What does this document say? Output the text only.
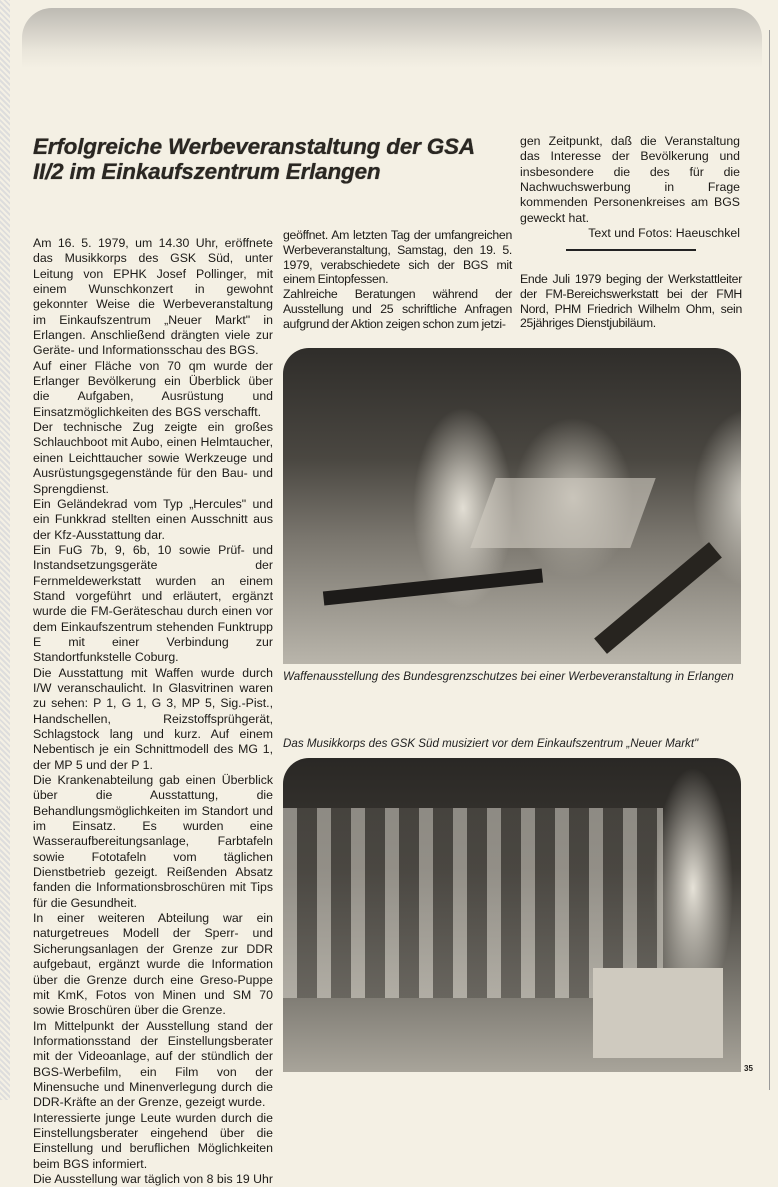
Erfolgreiche Werbeveranstaltung der GSA II/2 im Einkaufszentrum Erlangen

Am 16. 5. 1979, um 14.30 Uhr, eröffnete das Musikkorps des GSK Süd, unter Leitung von EPHK Josef Pollinger, mit einem Wunschkonzert in gewohnt gekonnter Weise die Werbeveranstaltung im Einkaufszentrum „Neuer Markt" in Erlangen. Anschließend drängten viele zur Geräte- und Informationsschau des BGS.

Auf einer Fläche von 70 qm wurde der Erlanger Bevölkerung ein Überblick über die Aufgaben, Ausrüstung und Einsatzmöglichkeiten des BGS verschafft.

Der technische Zug zeigte ein großes Schlauchboot mit Aubo, einen Helmtaucher, einen Leichttaucher sowie Werkzeuge und Ausrüstungsgegenstände für den Bau- und Sprengdienst.

Ein Geländekrad vom Typ „Hercules" und ein Funkkrad stellten einen Ausschnitt aus der Kfz-Ausstattung dar.

Ein FuG 7b, 9, 6b, 10 sowie Prüf- und Instandsetzungsgeräte der Fernmeldewerkstatt wurden an einem Stand vorgeführt und erläutert, ergänzt wurde die FM-Geräteschau durch einen vor dem Einkaufszentrum stehenden Funktrupp E mit einer Verbindung zur Standortfunkstelle Coburg.

Die Ausstattung mit Waffen wurde durch I/W veranschaulicht. In Glasvitrinen waren zu sehen: P 1, G 1, G 3, MP 5, Sig.-Pist., Handschellen, Reizstoffsprühgerät, Schlagstock lang und kurz. Auf einem Nebentisch je ein Schnittmodell des MG 1, der MP 5 und der P 1.

Die Krankenabteilung gab einen Überblick über die Ausstattung, die Behandlungsmöglichkeiten im Standort und im Einsatz. Es wurden eine Wasseraufbereitungsanlage, Farbtafeln sowie Fototafeln vom täglichen Dienstbetrieb gezeigt. Reißenden Absatz fanden die Informationsbroschüren mit Tips für die Gesundheit.

In einer weiteren Abteilung war ein naturgetreues Modell der Sperr- und Sicherungsanlagen der Grenze zur DDR aufgebaut, ergänzt wurde die Information über die Grenze durch eine Greso-Puppe mit KmK, Fotos von Minen und SM 70 sowie Broschüren über die Grenze.

Im Mittelpunkt der Ausstellung stand der Informationsstand der Einstellungsberater mit der Videoanlage, auf der stündlich der BGS-Werbefilm, ein Film von der Minensuche und Minenverlegung durch die DDR-Kräfte an der Grenze, gezeigt wurde.

Interessierte junge Leute wurden durch die Einstellungsberater eingehend über die Einstellung und beruflichen Möglichkeiten beim BGS informiert.

Die Ausstellung war täglich von 8 bis 19 Uhr

geöffnet. Am letzten Tag der umfangreichen Werbeveranstaltung, Samstag, den 19. 5. 1979, verabschiedete sich der BGS mit einem Eintopfessen.

Zahlreiche Beratungen während der Ausstellung und 25 schriftliche Anfragen aufgrund der Aktion zeigen schon zum jetzi-

gen Zeitpunkt, daß die Veranstaltung das Interesse der Bevölkerung und insbesondere die des für die Nachwuchswerbung in Frage kommenden Personenkreises am BGS geweckt hat.

Text und Fotos: Haeuschkel

Ende Juli 1979 beging der Werkstattleiter der FM-Bereichswerkstatt bei der FMH Nord, PHM Friedrich Wilhelm Ohm, sein 25jähriges Dienstjubiläum.

Waffenausstellung des Bundesgrenzschutzes bei einer Werbeveranstaltung in Erlangen
Das Musikkorps des GSK Süd musiziert vor dem Einkaufszentrum „Neuer Markt"
35
